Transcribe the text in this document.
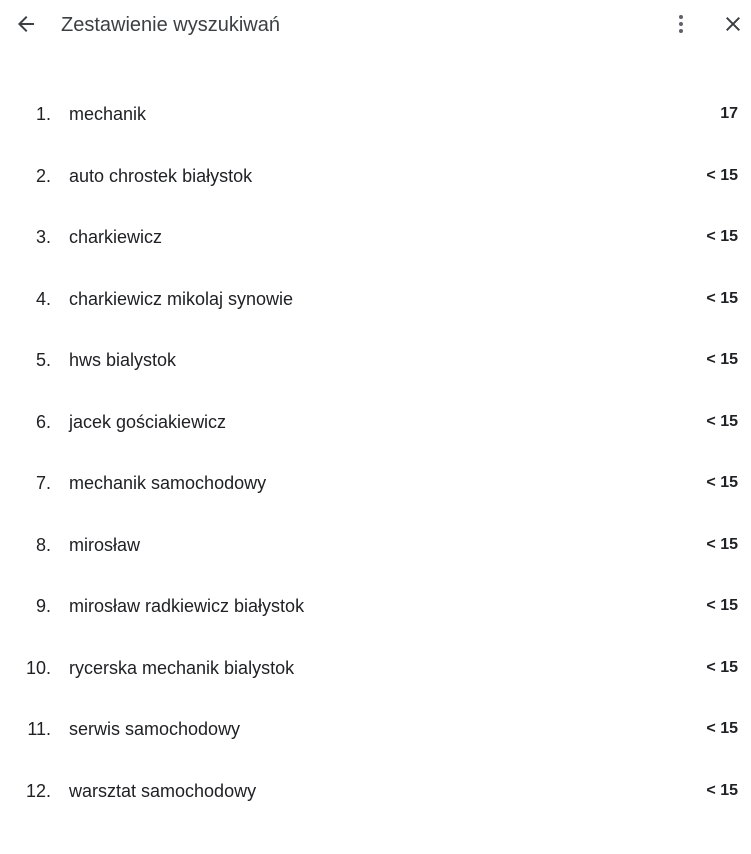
Zestawienie wyszukiwań
1. mechanik	17
2. auto chrostek białystok	< 15
3. charkiewicz	< 15
4. charkiewicz mikolaj synowie	< 15
5. hws bialystok	< 15
6. jacek gościakiewicz	< 15
7. mechanik samochodowy	< 15
8. mirosław	< 15
9. mirosław radkiewicz białystok	< 15
10. rycerska mechanik bialystok	< 15
11. serwis samochodowy	< 15
12. warsztat samochodowy	< 15
